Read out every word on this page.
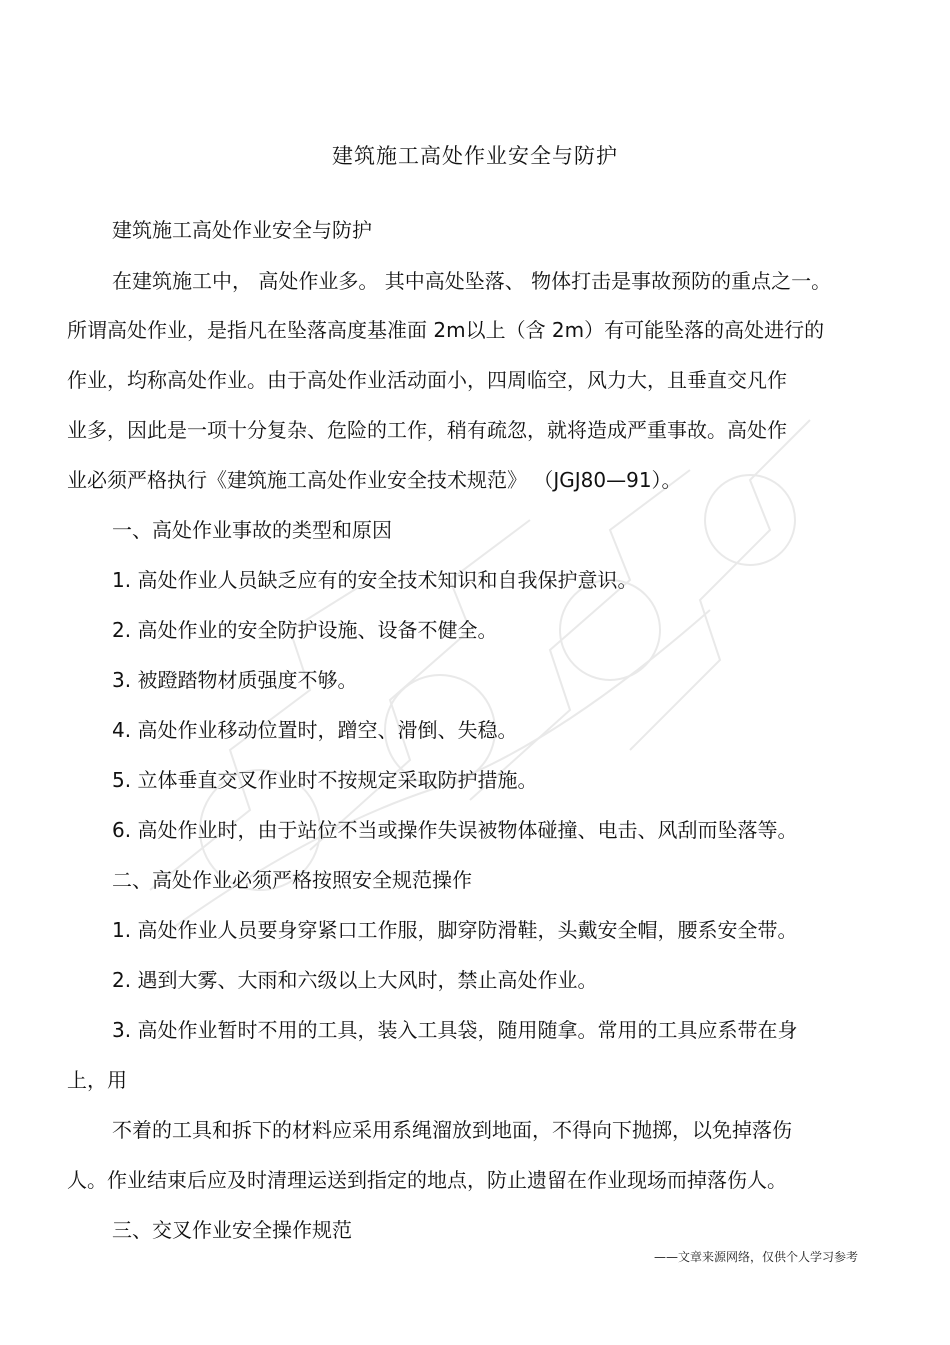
建筑施工高处作业安全与防护
建筑施工高处作业安全与防护
在建筑施工中， 高处作业多。 其中高处坠落、 物体打击是事故预防的重点之一。
所谓高处作业，是指凡在坠落高度基准面 2m以上（含 2m）有可能坠落的高处进行的
作业，均称高处作业。由于高处作业活动面小，四周临空，风力大，且垂直交凡作
业多，因此是一项十分复杂、危险的工作，稍有疏忽，就将造成严重事故。高处作
业必须严格执行《建筑施工高处作业安全技术规范》 （JGJ80—91）。
一、高处作业事故的类型和原因
1. 高处作业人员缺乏应有的安全技术知识和自我保护意识。
2. 高处作业的安全防护设施、设备不健全。
3. 被蹬踏物材质强度不够。
4. 高处作业移动位置时，蹭空、滑倒、失稳。
5. 立体垂直交叉作业时不按规定采取防护措施。
6. 高处作业时，由于站位不当或操作失误被物体碰撞、电击、风刮而坠落等。
二、高处作业必须严格按照安全规范操作
1. 高处作业人员要身穿紧口工作服，脚穿防滑鞋，头戴安全帽，腰系安全带。
2. 遇到大雾、大雨和六级以上大风时，禁止高处作业。
3. 高处作业暂时不用的工具，装入工具袋，随用随拿。常用的工具应系带在身
上，用
不着的工具和拆下的材料应采用系绳溜放到地面，不得向下抛掷，以免掉落伤
人。作业结束后应及时清理运送到指定的地点，防止遗留在作业现场而掉落伤人。
三、交叉作业安全操作规范
——文章来源网络，仅供个人学习参考
